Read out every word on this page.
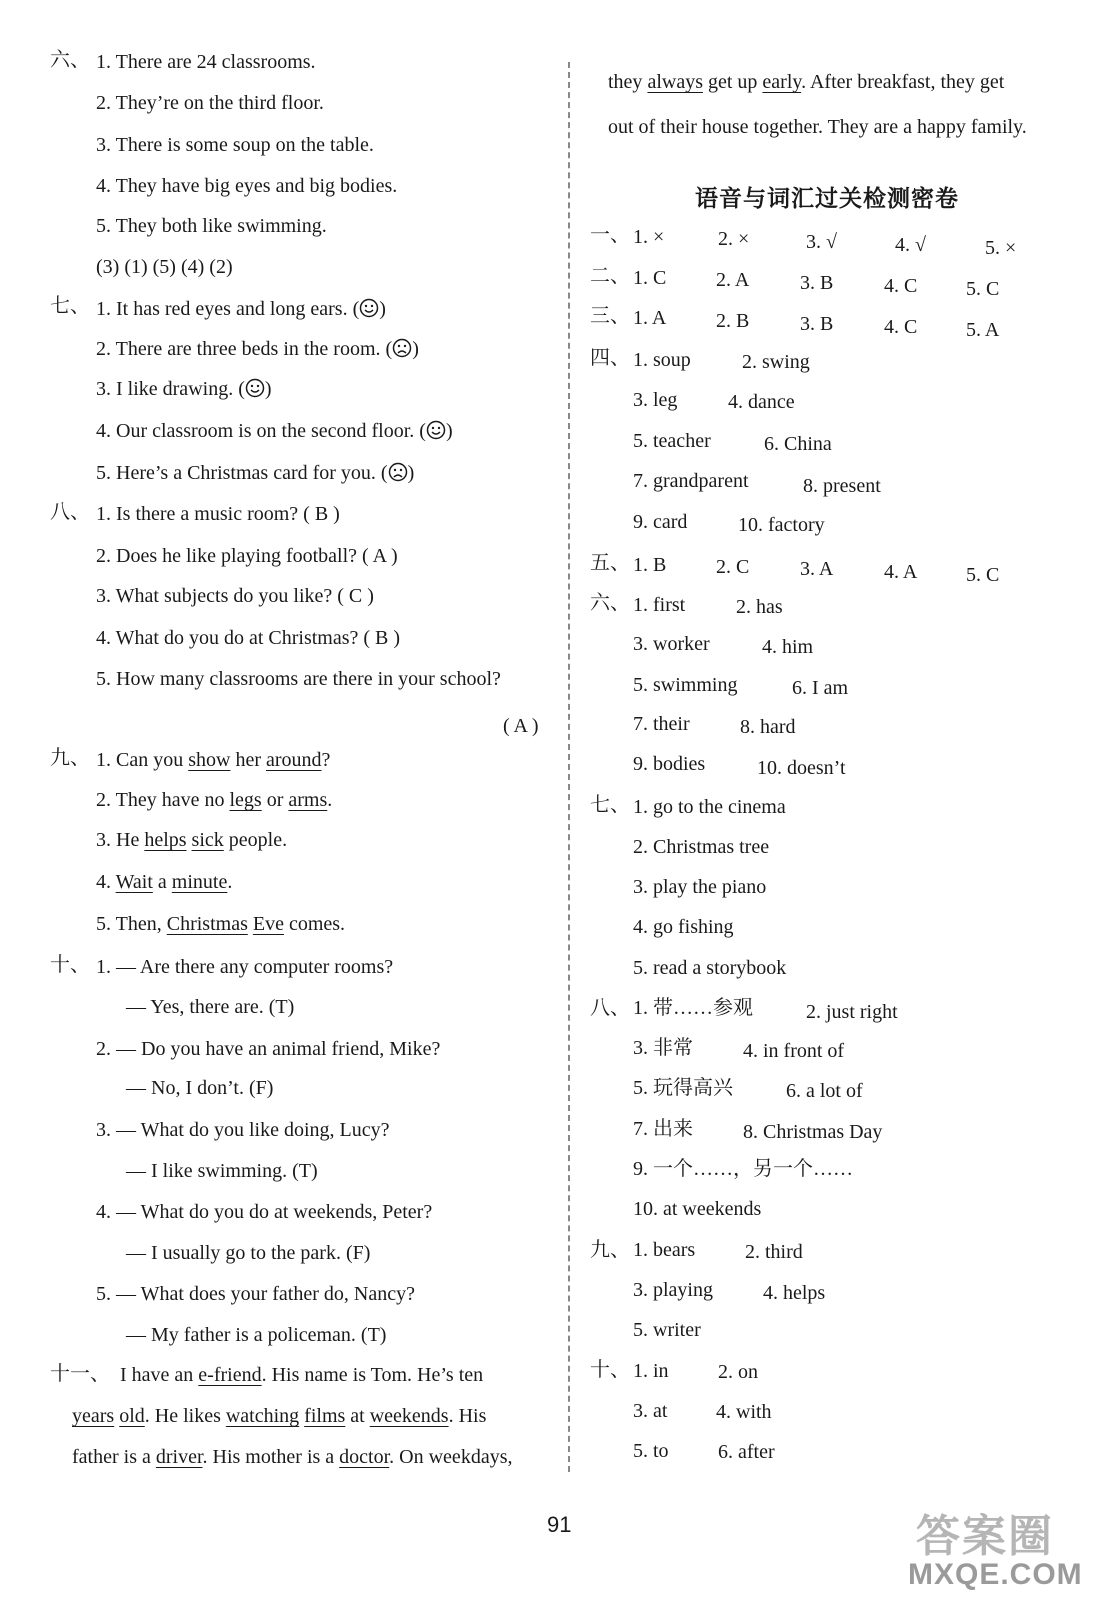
六、 1. There are 24 classrooms.
2. They’re on the third floor.
3. There is some soup on the table.
4. They have big eyes and big bodies.
5. They both like swimming.
(3) (1) (5) (4) (2)
七、 1. It has red eyes and long ears. ( )
2. There are three beds in the room. ( )
3. I like drawing. ( )
4. Our classroom is on the second floor. ( )
5. Here’s a Christmas card for you. ( )
八、 1. Is there a music room? ( B )
2. Does he like playing football? ( A )
3. What subjects do you like? ( C )
4. What do you do at Christmas? ( B )
5. How many classrooms are there in your school?
( A )
九、 1. Can you show her around?
2. They have no legs or arms.
3. He helps sick people.
4. Wait a minute.
5. Then, Christmas Eve comes.
十、 1. — Are there any computer rooms?
— Yes, there are. (T)
2. — Do you have an animal friend, Mike?
— No, I don’t. (F)
3. — What do you like doing, Lucy?
— I like swimming. (T)
4. — What do you do at weekends, Peter?
— I usually go to the park. (F)
5. — What does your father do, Nancy?
— My father is a policeman. (T)
十一、 I have an e-friend. His name is Tom. He’s ten
years old. He likes watching films at weekends. His
father is a driver. His mother is a doctor. On weekdays,
they always get up early. After breakfast, they get
out of their house together. They are a happy family.
语音与词汇过关检测密卷
一、 1. ×	2. ×	3. √	4. √	5. ×
二、 1. C 2. A	3. B	4. C 5. C
三、 1. A 2. B	3. B	4. C 5. A
四、 1. soup	2. swing
3. leg	4. dance
5. teacher	6. China
7. grandparent	8. present
9. card	10. factory
五、 1. B 2. C	3. A	4. A 5. C
六、 1. first	2. has
3. worker	4. him
5. swimming	6. I am
7. their	8. hard
9. bodies	10. doesn’t
七、 1. go to the cinema
2. Christmas tree
3. play the piano
4. go fishing
5. read a storybook
八、 1. 带……参观	2. just right
3. 非常	4. in front of
5. 玩得高兴	6. a lot of
7. 出来	8. Christmas Day
9. 一个……，另一个……
10. at weekends
九、 1. bears 2. third
3. playing	4. helps
5. writer
十、 1. in 2. on
3. at 4. with
5. to 6. after
91	答案圈
MXQE.COM
